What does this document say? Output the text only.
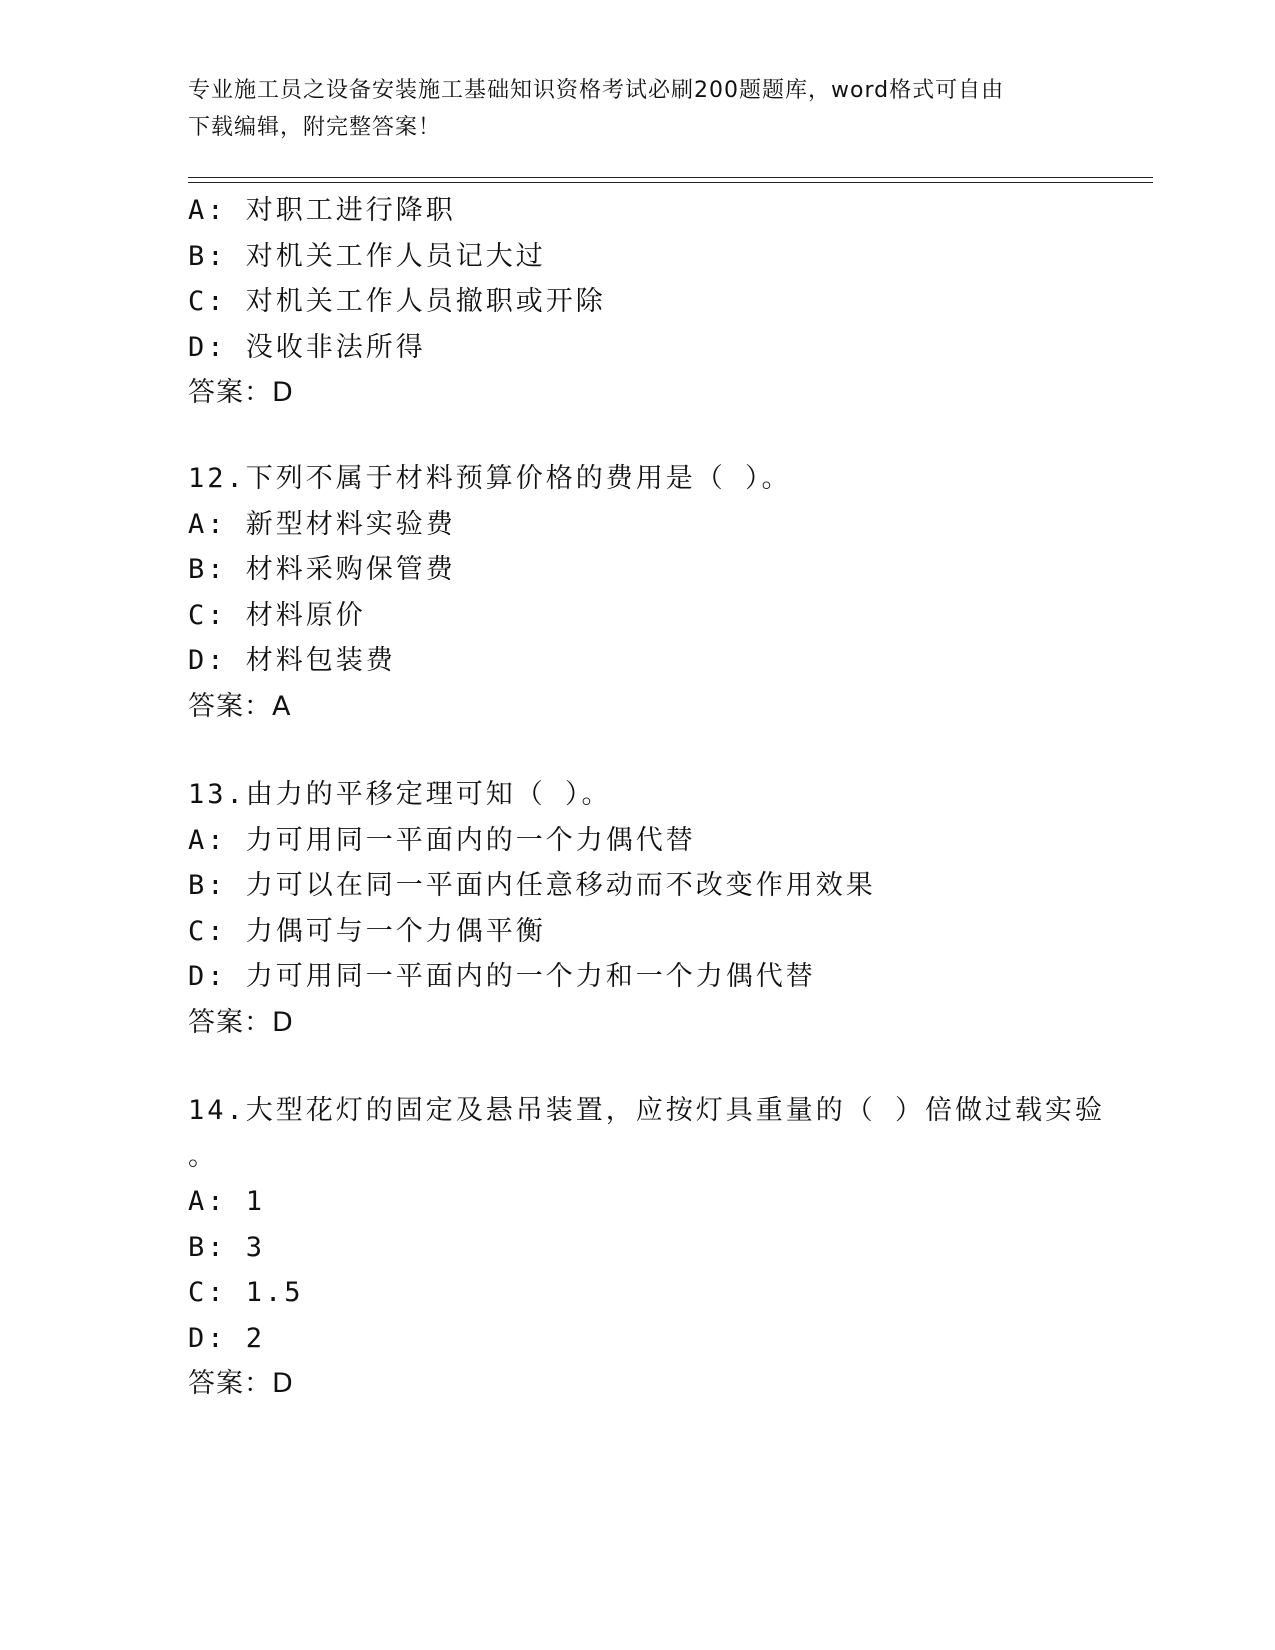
专业施工员之设备安装施工基础知识资格考试必刷200题题库，word格式可自由
下载编辑，附完整答案！
A: 对职工进行降职
B: 对机关工作人员记大过
C: 对机关工作人员撤职或开除
D: 没收非法所得
答案：D
12.下列不属于材料预算价格的费用是（ ）。
A: 新型材料实验费
B: 材料采购保管费
C: 材料原价
D: 材料包装费
答案：A
13.由力的平移定理可知（ ）。
A: 力可用同一平面内的一个力偶代替
B: 力可以在同一平面内任意移动而不改变作用效果
C: 力偶可与一个力偶平衡
D: 力可用同一平面内的一个力和一个力偶代替
答案：D
14.大型花灯的固定及悬吊装置，应按灯具重量的（ ）倍做过载实验
。
A: 1
B: 3
C: 1.5
D: 2
答案：D
